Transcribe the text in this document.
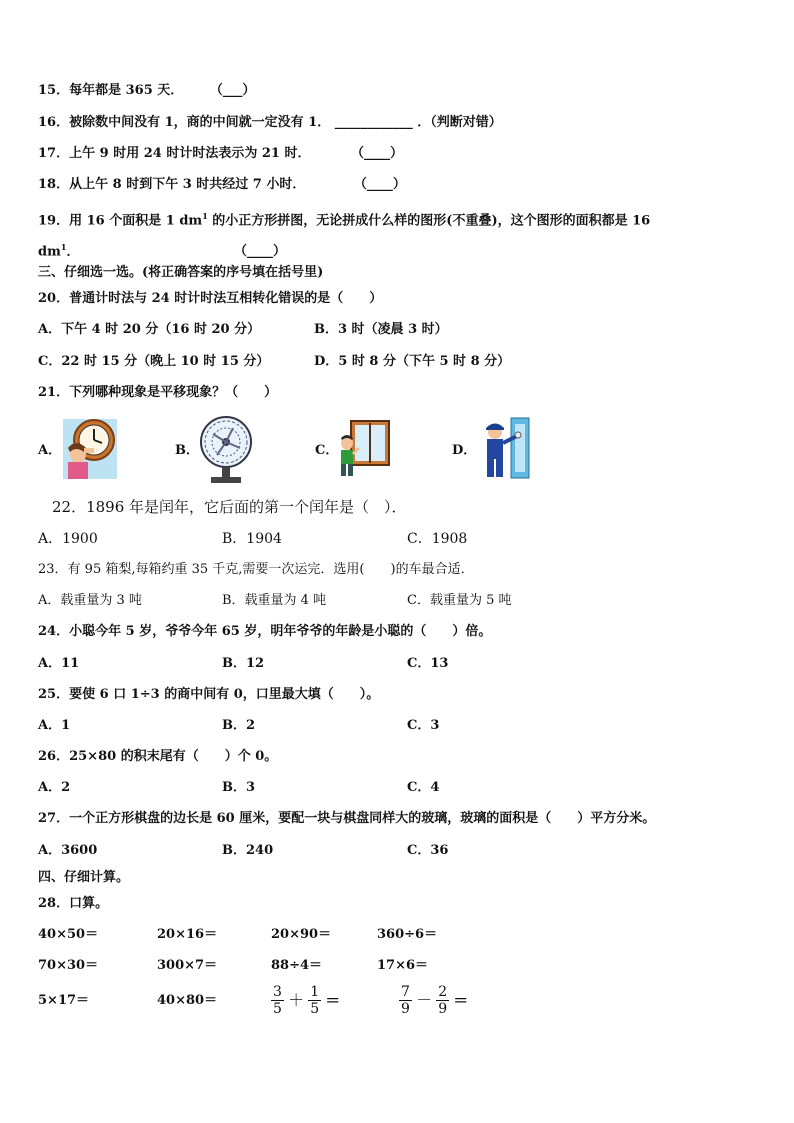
15．每年都是 365 天． （___）
16．被除数中间没有 1，商的中间就一定没有 1． ____________ ．（判断对错）
17．上午 9 时用 24 时计时法表示为 21 时．	（____）
18．从上午 8 时到下午 3 时共经过 7 小时．	（____）
19．用 16 个面积是 1 $dm^1$ 的小正方形拼图，无论拼成什么样的图形(不重叠)，这个图形的面积都是 16
$dm^1$．	（____）
三、仔细选一选。(将正确答案的序号填在括号里)
20．普通计时法与 24 时计时法互相转化错误的是（　　）
A．下午 4 时 20 分（16 时 20 分）	B．3 时（凌晨 3 时）
C．22 时 15 分（晚上 10 时 15 分）	D．5 时 8 分（下午 5 时 8 分）
21．下列哪种现象是平移现象？（　　）
A．	B．	C．	D．
22．1896 年是闰年，它后面的第一个闰年是（　）．
A．1900	B．1904	C．1908
23．有 95 箱梨,每箱约重 35 千克,需要一次运完．选用(　　)的车最合适．
A．载重量为 3 吨	B．载重量为 4 吨	C．载重量为 5 吨
24．小聪今年 5 岁，爷爷今年 65 岁，明年爷爷的年龄是小聪的（　　）倍。
A．11	B．12	C．13
25．要使 6 口 1÷3 的商中间有 0，口里最大填（　　）。
A．1	B．2	C．3
26．25×80 的积末尾有（　　）个 0。
A．2	B．3	C．4
27．一个正方形棋盘的边长是 60 厘米，要配一块与棋盘同样大的玻璃，玻璃的面积是（　　）平方分米。
A．3600	B．240	C．36
四、仔细计算。
28．口算。
40×50＝	20×16＝	20×90＝	360÷6＝
70×30＝	300×7＝	88÷4＝	17×6＝
5×17＝	40×80＝	$\frac{3}{5} + \frac{1}{5}$ ＝	$\frac{7}{9} - \frac{2}{9}$ ＝
